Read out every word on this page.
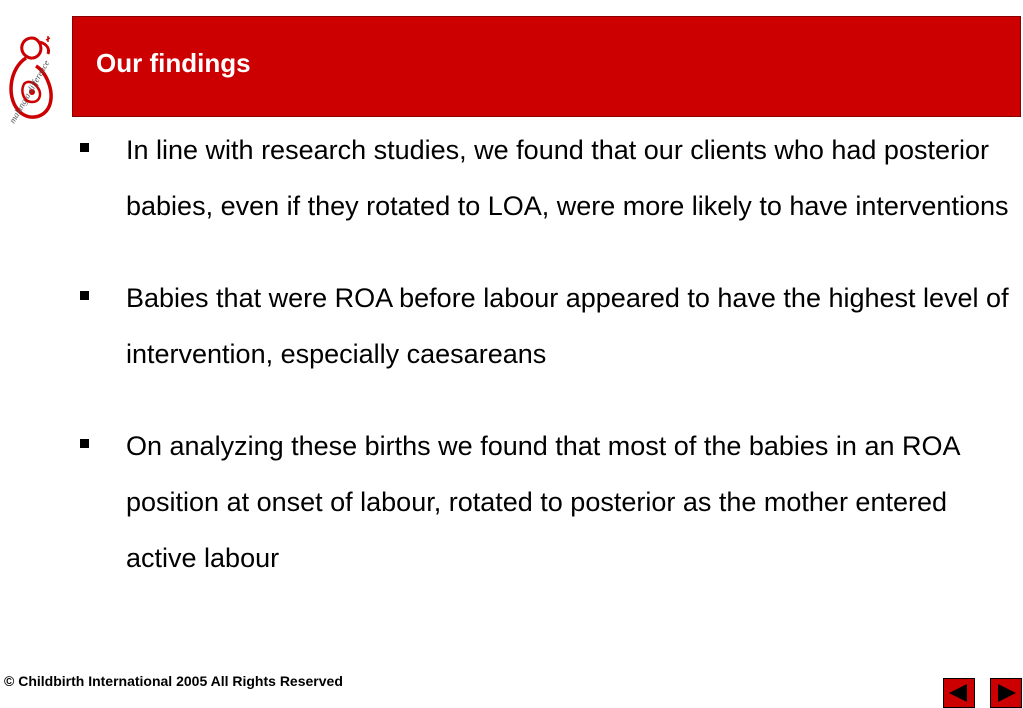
making a difference Our findings
In line with research studies, we found that our clients who had posterior babies, even if they rotated to LOA, were more likely to have interventions
Babies that were ROA before labour appeared to have the highest level of intervention, especially caesareans
On analyzing these births we found that most of the babies in an ROA position at onset of labour, rotated to posterior as the mother entered active labour
© Childbirth International 2005 All Rights Reserved
